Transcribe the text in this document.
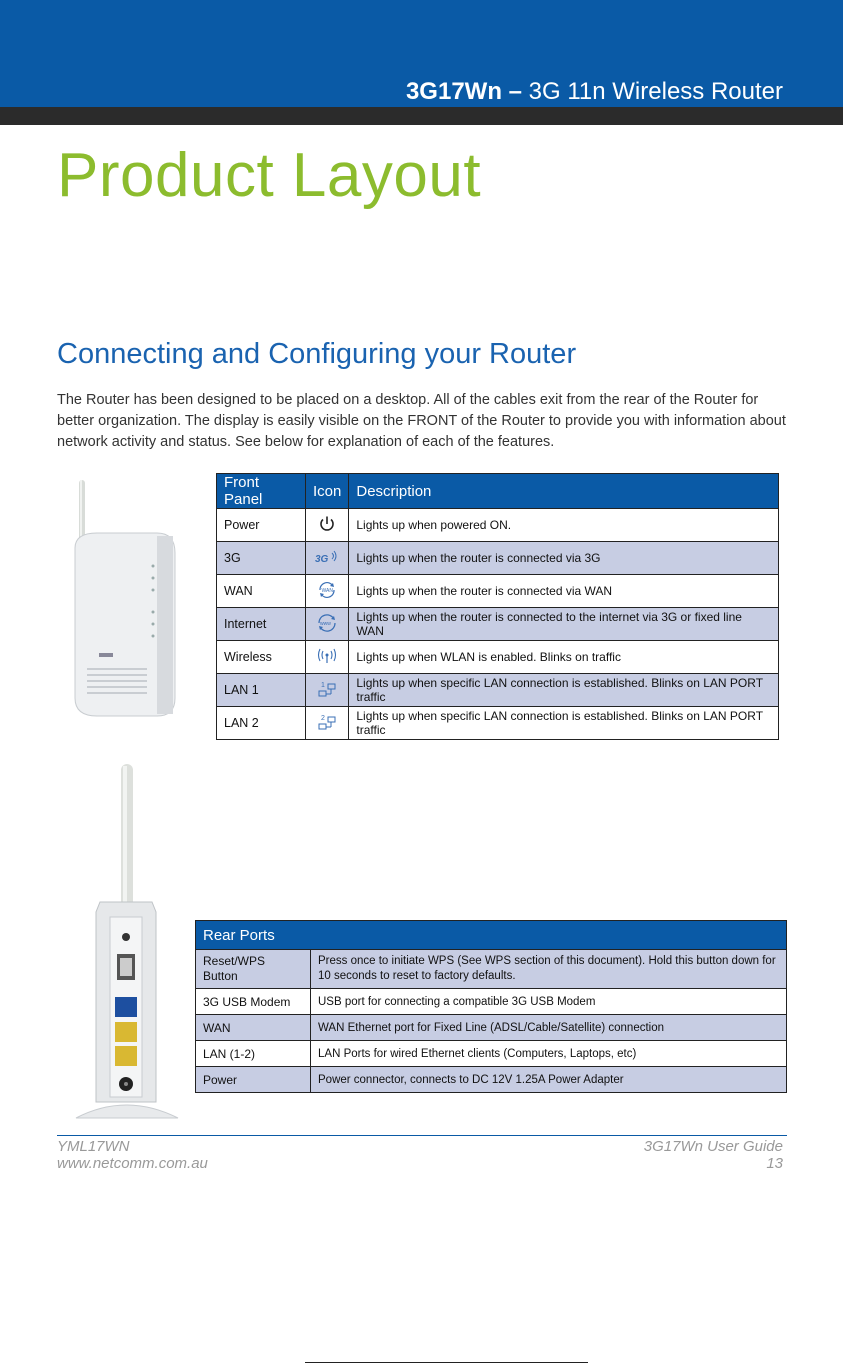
3G17Wn – 3G 11n Wireless Router
Product Layout
Connecting and Configuring your Router

The Router has been designed to be placed on a desktop. All of the cables exit from the rear of the Router for better organization. The display is easily visible on the FRONT of the Router to provide you with information about network activity and status. See below for explanation of each of the features.

Front Panel	Icon	Description
Power		Lights up when powered ON.
3G	3G	Lights up when the router is connected via 3G
WAN	WAN	Lights up when the router is connected via WAN
Internet	www	Lights up when the router is connected to the internet via 3G or fixed line WAN
Wireless		Lights up when WLAN is enabled. Blinks on traffic
LAN 1	1	Lights up when specific LAN connection is established. Blinks on LAN PORT traffic
LAN 2	2	Lights up when specific LAN connection is established. Blinks on LAN PORT traffic
Rear Ports	
Reset/WPS Button	Press once to initiate WPS (See WPS section of this document). Hold this button down for 10 seconds to reset to factory defaults.
3G USB Modem	USB port for connecting a compatible 3G USB Modem
WAN	WAN Ethernet port for Fixed Line (ADSL/Cable/Satellite) connection
LAN (1-2)	LAN Ports for wired Ethernet clients (Computers, Laptops, etc)
Power	Power connector, connects to DC 12V 1.25A Power Adapter
YML17WN
www.netcomm.com.au
3G17Wn User Guide
13
